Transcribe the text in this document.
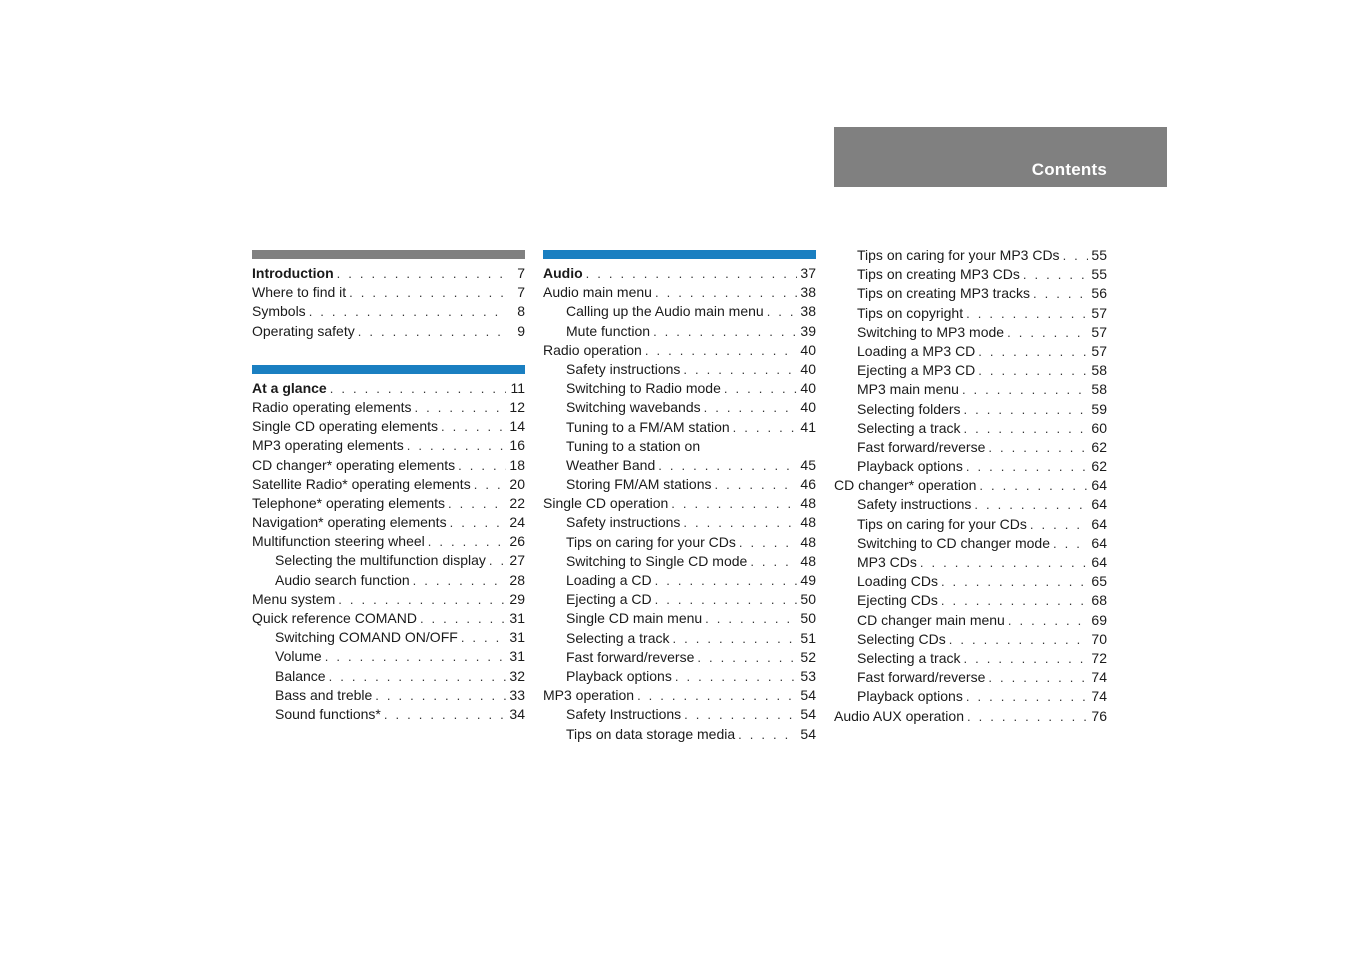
Contents
Introduction . . .	7
Where to find it . . .	7
Symbols . . .	8
Operating safety . . .	9
At a glance . . .	11
Radio operating elements . . .	12
Single CD operating elements . . .	14
MP3 operating elements . . .	16
CD changer* operating elements . . .	18
Satellite Radio* operating elements . . .	20
Telephone* operating elements . . .	22
Navigation* operating elements . . .	24
Multifunction steering wheel . . .	26
Selecting the multifunction display . . . 27
Audio search function . . .	28
Menu system . . .	29
Quick reference COMAND . . .	31
Switching COMAND ON/OFF . . .	31
Volume . . .	31
Balance . . .	32
Bass and treble . . .	33
Sound functions* . . .	34
Audio . . .	37
Audio main menu . . .	38
Calling up the Audio main menu . . .	38
Mute function . . .	39
Radio operation . . .	40
Safety instructions . . .	40
Switching to Radio mode . . .	40
Switching wavebands . . .	40
Tuning to a FM/AM station . . .	41
Tuning to a station on
Weather Band . . .	45
Storing FM/AM stations . . .	46
Single CD operation . . .	48
Safety instructions . . .	48
Tips on caring for your CDs . . .	48
Switching to Single CD mode . . .	48
Loading a CD . . .	49
Ejecting a CD . . .	50
Single CD main menu . . .	50
Selecting a track . . .	51
Fast forward/reverse . . .	52
Playback options . . .	53
MP3 operation . . .	54
Safety Instructions . . .	54
Tips on data storage media . . .	54
Tips on caring for your MP3 CDs . . . 55
Tips on creating MP3 CDs . . .	55
Tips on creating MP3 tracks . . .	56
Tips on copyright . . .	57
Switching to MP3 mode . . .	57
Loading a MP3 CD . . .	57
Ejecting a MP3 CD . . .	58
MP3 main menu . . .	58
Selecting folders . . .	59
Selecting a track . . .	60
Fast forward/reverse . . .	62
Playback options . . .	62
CD changer* operation . . .	64
Safety instructions . . .	64
Tips on caring for your CDs . . .	64
Switching to CD changer mode . . .	64
MP3 CDs . . .	64
Loading CDs . . .	65
Ejecting CDs . . .	68
CD changer main menu . . .	69
Selecting CDs . . .	70
Selecting a track . . .	72
Fast forward/reverse . . .	74
Playback options . . .	74
Audio AUX operation . . .	76
